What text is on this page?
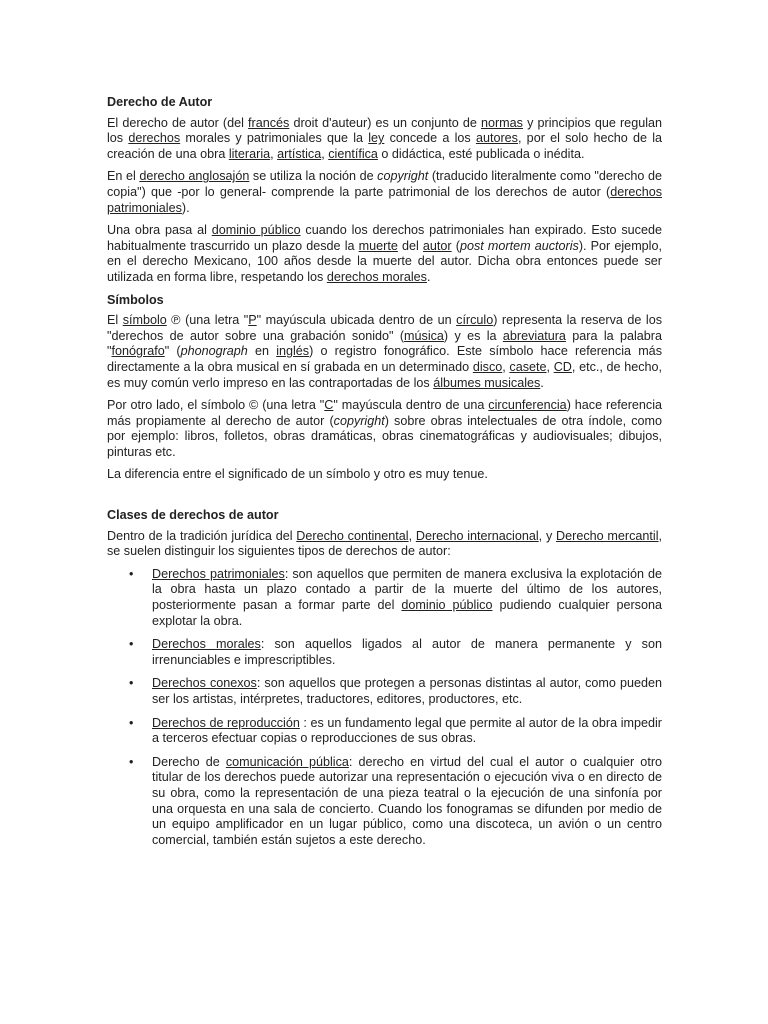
Derecho de Autor

El derecho de autor (del francés droit d'auteur) es un conjunto de normas y principios que regulan los derechos morales y patrimoniales que la ley concede a los autores, por el solo hecho de la creación de una obra literaria, artística, científica o didáctica, esté publicada o inédita.

En el derecho anglosajón se utiliza la noción de copyright (traducido literalmente como "derecho de copia") que -por lo general- comprende la parte patrimonial de los derechos de autor (derechos patrimoniales).

Una obra pasa al dominio público cuando los derechos patrimoniales han expirado. Esto sucede habitualmente trascurrido un plazo desde la muerte del autor (post mortem auctoris). Por ejemplo, en el derecho Mexicano, 100 años desde la muerte del autor. Dicha obra entonces puede ser utilizada en forma libre, respetando los derechos morales.

Símbolos

El símbolo ℗ (una letra "P" mayúscula ubicada dentro de un círculo) representa la reserva de los "derechos de autor sobre una grabación sonido" (música) y es la abreviatura para la palabra "fonógrafo" (phonograph en inglés) o registro fonográfico. Este símbolo hace referencia más directamente a la obra musical en sí grabada en un determinado disco, casete, CD, etc., de hecho, es muy común verlo impreso en las contraportadas de los álbumes musicales.

Por otro lado, el símbolo © (una letra "C" mayúscula dentro de una circunferencia) hace referencia más propiamente al derecho de autor (copyright) sobre obras intelectuales de otra índole, como por ejemplo: libros, folletos, obras dramáticas, obras cinematográficas y audiovisuales; dibujos, pinturas etc.

La diferencia entre el significado de un símbolo y otro es muy tenue.

Clases de derechos de autor

Dentro de la tradición jurídica del Derecho continental, Derecho internacional, y Derecho mercantil, se suelen distinguir los siguientes tipos de derechos de autor:

• Derechos patrimoniales: son aquellos que permiten de manera exclusiva la explotación de la obra hasta un plazo contado a partir de la muerte del último de los autores, posteriormente pasan a formar parte del dominio público pudiendo cualquier persona explotar la obra.
• Derechos morales: son aquellos ligados al autor de manera permanente y son irrenunciables e imprescriptibles.
• Derechos conexos: son aquellos que protegen a personas distintas al autor, como pueden ser los artistas, intérpretes, traductores, editores, productores, etc.
• Derechos de reproducción : es un fundamento legal que permite al autor de la obra impedir a terceros efectuar copias o reproducciones de sus obras.
• Derecho de comunicación pública: derecho en virtud del cual el autor o cualquier otro titular de los derechos puede autorizar una representación o ejecución viva o en directo de su obra, como la representación de una pieza teatral o la ejecución de una sinfonía por una orquesta en una sala de concierto. Cuando los fonogramas se difunden por medio de un equipo amplificador en un lugar público, como una discoteca, un avión o un centro comercial, también están sujetos a este derecho.
